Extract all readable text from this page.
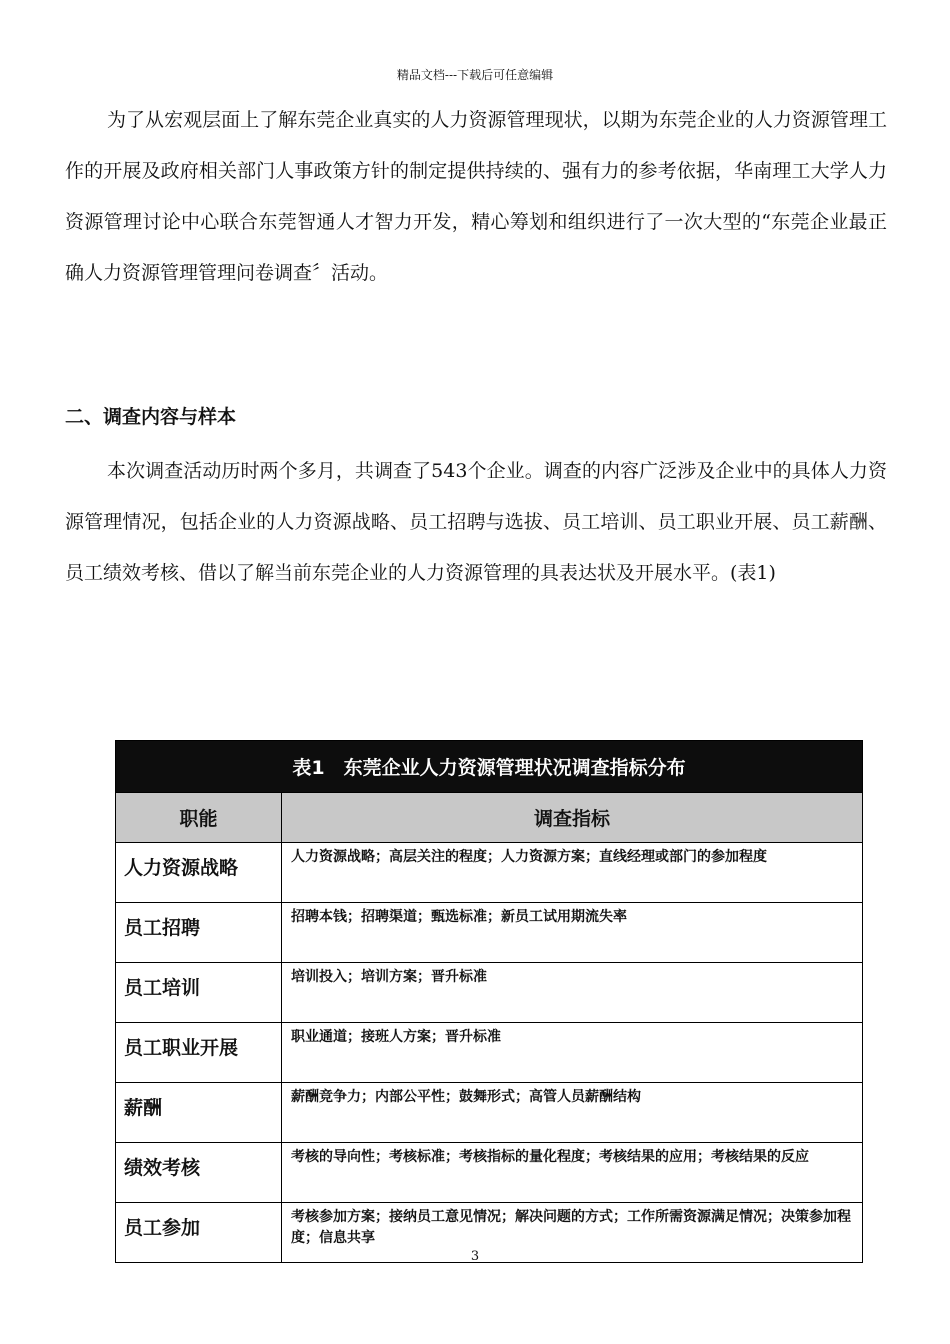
精品文档---下载后可任意编辑

为了从宏观层面上了解东莞企业真实的人力资源管理现状，以期为东莞企业的人力资源管理工作的开展及政府相关部门人事政策方针的制定提供持续的、强有力的参考依据，华南理工大学人力资源管理讨论中心联合东莞智通人才智力开发，精心筹划和组织进行了一次大型的“东莞企业最正确人力资源管理管理问卷调查〞活动。

二、调查内容与样本

本次调查活动历时两个多月，共调查了543个企业。调查的内容广泛涉及企业中的具体人力资源管理情况，包括企业的人力资源战略、员工招聘与选拔、员工培训、员工职业开展、员工薪酬、员工绩效考核、借以了解当前东莞企业的人力资源管理的具表达状及开展水平。(表1)

表1　东莞企业人力资源管理状况调查指标分布	
职能	调查指标
人力资源战略	人力资源战略；高层关注的程度；人力资源方案；直线经理或部门的参加程度
员工招聘	招聘本钱；招聘渠道；甄选标准；新员工试用期流失率
员工培训	培训投入；培训方案；晋升标准
员工职业开展	职业通道；接班人方案；晋升标准
薪酬	薪酬竞争力；内部公平性；鼓舞形式；高管人员薪酬结构
绩效考核	考核的导向性；考核标准；考核指标的量化程度；考核结果的应用；考核结果的反应
员工参加	考核参加方案；接纳员工意见情况；解决问题的方式；工作所需资源满足情况；决策参加程度；信息共享
3
